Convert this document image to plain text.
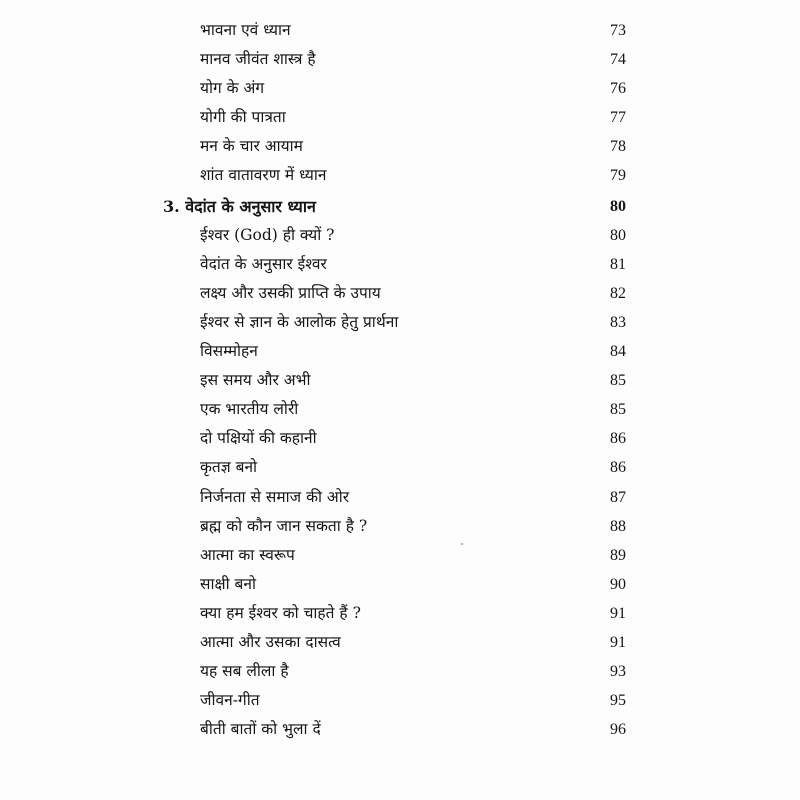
भावना एवं ध्यान	73
मानव जीवंत शास्त्र है	74
योग के अंग	76
योगी की पात्रता	77
मन के चार आयाम	78
शांत वातावरण में ध्यान	79
3. वेदांत के अनुसार ध्यान	80
ईश्वर (God) ही क्यों ?	80
वेदांत के अनुसार ईश्वर	81
लक्ष्य और उसकी प्राप्ति के उपाय	82
ईश्वर से ज्ञान के आलोक हेतु प्रार्थना	83
विसम्मोहन	84
इस समय और अभी	85
एक भारतीय लोरी	85
दो पक्षियों की कहानी	86
कृतज्ञ बनो	86
निर्जनता से समाज की ओर	87
ब्रह्म को कौन जान सकता है ?	88
आत्मा का स्वरूप	89
साक्षी बनो	90
क्या हम ईश्वर को चाहते हैं ?	91
आत्मा और उसका दासत्व	91
यह सब लीला है	93
जीवन-गीत	95
बीती बातों को भुला दें	96
